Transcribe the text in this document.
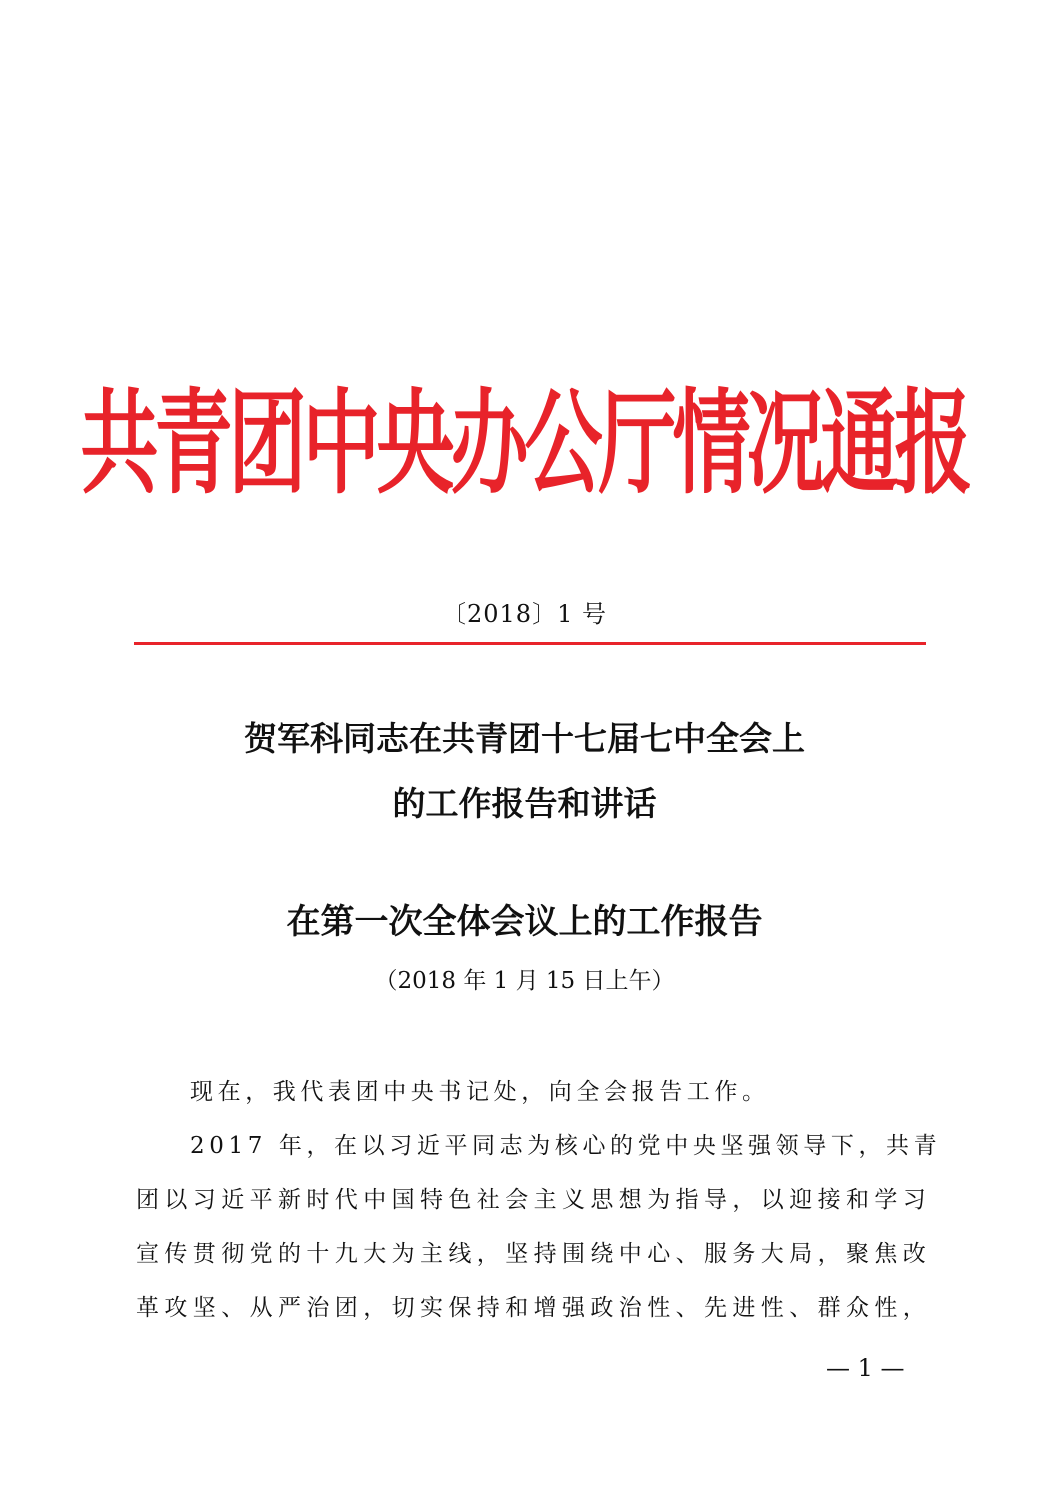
共青团中央办公厅情况通报
〔2018〕1 号
贺军科同志在共青团十七届七中全会上
的工作报告和讲话
在第一次全体会议上的工作报告
（2018 年 1 月 15 日上午）
现在，我代表团中央书记处，向全会报告工作。
2017 年，在以习近平同志为核心的党中央坚强领导下，共青
团以习近平新时代中国特色社会主义思想为指导，以迎接和学习
宣传贯彻党的十九大为主线，坚持围绕中心、服务大局，聚焦改
革攻坚、从严治团，切实保持和增强政治性、先进性、群众性，
— 1 —
